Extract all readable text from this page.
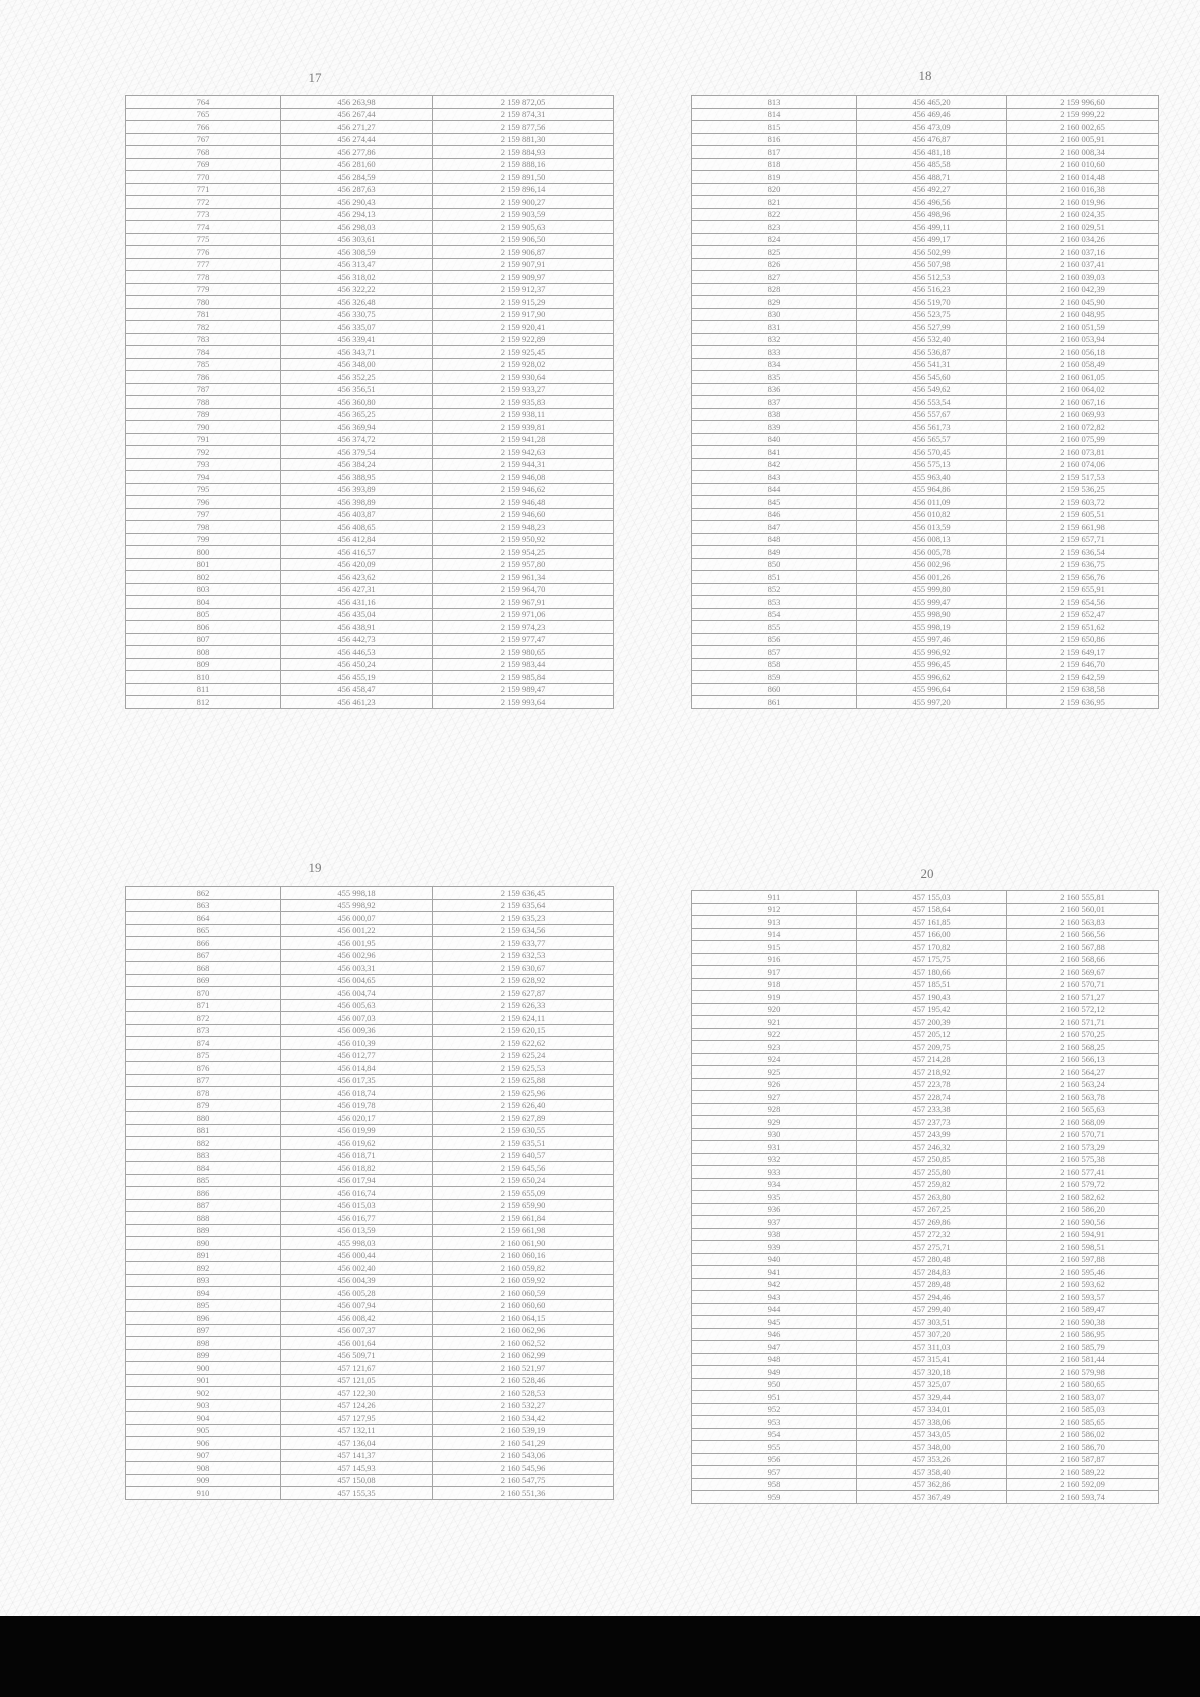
17
764	456 263,98	2 159 872,05
765	456 267,44	2 159 874,31
766	456 271,27	2 159 877,56
767	456 274,44	2 159 881,30
768	456 277,86	2 159 884,93
769	456 281,60	2 159 888,16
770	456 284,59	2 159 891,50
771	456 287,63	2 159 896,14
772	456 290,43	2 159 900,27
773	456 294,13	2 159 903,59
774	456 298,03	2 159 905,63
775	456 303,61	2 159 906,50
776	456 308,59	2 159 906,87
777	456 313,47	2 159 907,91
778	456 318,02	2 159 909,97
779	456 322,22	2 159 912,37
780	456 326,48	2 159 915,29
781	456 330,75	2 159 917,90
782	456 335,07	2 159 920,41
783	456 339,41	2 159 922,89
784	456 343,71	2 159 925,45
785	456 348,00	2 159 928,02
786	456 352,25	2 159 930,64
787	456 356,51	2 159 933,27
788	456 360,80	2 159 935,83
789	456 365,25	2 159 938,11
790	456 369,94	2 159 939,81
791	456 374,72	2 159 941,28
792	456 379,54	2 159 942,63
793	456 384,24	2 159 944,31
794	456 388,95	2 159 946,08
795	456 393,89	2 159 946,62
796	456 398,89	2 159 946,48
797	456 403,87	2 159 946,60
798	456 408,65	2 159 948,23
799	456 412,84	2 159 950,92
800	456 416,57	2 159 954,25
801	456 420,09	2 159 957,80
802	456 423,62	2 159 961,34
803	456 427,31	2 159 964,70
804	456 431,16	2 159 967,91
805	456 435,04	2 159 971,06
806	456 438,91	2 159 974,23
807	456 442,73	2 159 977,47
808	456 446,53	2 159 980,65
809	456 450,24	2 159 983,44
810	456 455,19	2 159 985,84
811	456 458,47	2 159 989,47
812	456 461,23	2 159 993,64
18
813	456 465,20	2 159 996,60
814	456 469,46	2 159 999,22
815	456 473,09	2 160 002,65
816	456 476,87	2 160 005,91
817	456 481,18	2 160 008,34
818	456 485,58	2 160 010,60
819	456 488,71	2 160 014,48
820	456 492,27	2 160 016,38
821	456 496,56	2 160 019,96
822	456 498,96	2 160 024,35
823	456 499,11	2 160 029,51
824	456 499,17	2 160 034,26
825	456 502,99	2 160 037,16
826	456 507,98	2 160 037,41
827	456 512,53	2 160 039,03
828	456 516,23	2 160 042,39
829	456 519,70	2 160 045,90
830	456 523,75	2 160 048,95
831	456 527,99	2 160 051,59
832	456 532,40	2 160 053,94
833	456 536,87	2 160 056,18
834	456 541,31	2 160 058,49
835	456 545,60	2 160 061,05
836	456 549,62	2 160 064,02
837	456 553,54	2 160 067,16
838	456 557,67	2 160 069,93
839	456 561,73	2 160 072,82
840	456 565,57	2 160 075,99
841	456 570,45	2 160 073,81
842	456 575,13	2 160 074,06
843	455 963,40	2 159 517,53
844	455 964,86	2 159 536,25
845	456 011,09	2 159 603,72
846	456 010,82	2 159 605,51
847	456 013,59	2 159 661,98
848	456 008,13	2 159 657,71
849	456 005,78	2 159 636,54
850	456 002,96	2 159 636,75
851	456 001,26	2 159 656,76
852	455 999,80	2 159 655,91
853	455 999,47	2 159 654,56
854	455 998,90	2 159 652,47
855	455 998,19	2 159 651,62
856	455 997,46	2 159 650,86
857	455 996,92	2 159 649,17
858	455 996,45	2 159 646,70
859	455 996,62	2 159 642,59
860	455 996,64	2 159 638,58
861	455 997,20	2 159 636,95
19
862	455 998,18	2 159 636,45
863	455 998,92	2 159 635,64
864	456 000,07	2 159 635,23
865	456 001,22	2 159 634,56
866	456 001,95	2 159 633,77
867	456 002,96	2 159 632,53
868	456 003,31	2 159 630,67
869	456 004,65	2 159 628,92
870	456 004,74	2 159 627,87
871	456 005,63	2 159 626,33
872	456 007,03	2 159 624,11
873	456 009,36	2 159 620,15
874	456 010,39	2 159 622,62
875	456 012,77	2 159 625,24
876	456 014,84	2 159 625,53
877	456 017,35	2 159 625,88
878	456 018,74	2 159 625,96
879	456 019,78	2 159 626,40
880	456 020,17	2 159 627,89
881	456 019,99	2 159 630,55
882	456 019,62	2 159 635,51
883	456 018,71	2 159 640,57
884	456 018,82	2 159 645,56
885	456 017,94	2 159 650,24
886	456 016,74	2 159 655,09
887	456 015,03	2 159 659,90
888	456 016,77	2 159 661,84
889	456 013,59	2 159 661,98
890	455 998,03	2 160 061,90
891	456 000,44	2 160 060,16
892	456 002,40	2 160 059,82
893	456 004,39	2 160 059,92
894	456 005,28	2 160 060,59
895	456 007,94	2 160 060,60
896	456 008,42	2 160 064,15
897	456 007,37	2 160 062,96
898	456 001,64	2 160 062,52
899	456 509,71	2 160 062,99
900	457 121,67	2 160 521,97
901	457 121,05	2 160 528,46
902	457 122,30	2 160 528,53
903	457 124,26	2 160 532,27
904	457 127,95	2 160 534,42
905	457 132,11	2 160 539,19
906	457 136,04	2 160 541,29
907	457 141,37	2 160 543,06
908	457 145,93	2 160 545,96
909	457 150,08	2 160 547,75
910	457 155,35	2 160 551,36
20
911	457 155,03	2 160 555,81
912	457 158,64	2 160 560,01
913	457 161,85	2 160 563,83
914	457 166,00	2 160 566,56
915	457 170,82	2 160 567,88
916	457 175,75	2 160 568,66
917	457 180,66	2 160 569,67
918	457 185,51	2 160 570,71
919	457 190,43	2 160 571,27
920	457 195,42	2 160 572,12
921	457 200,39	2 160 571,71
922	457 205,12	2 160 570,25
923	457 209,75	2 160 568,25
924	457 214,28	2 160 566,13
925	457 218,92	2 160 564,27
926	457 223,78	2 160 563,24
927	457 228,74	2 160 563,78
928	457 233,38	2 160 565,63
929	457 237,73	2 160 568,09
930	457 243,99	2 160 570,71
931	457 246,32	2 160 573,29
932	457 250,85	2 160 575,38
933	457 255,80	2 160 577,41
934	457 259,82	2 160 579,72
935	457 263,80	2 160 582,62
936	457 267,25	2 160 586,20
937	457 269,86	2 160 590,56
938	457 272,32	2 160 594,91
939	457 275,71	2 160 598,51
940	457 280,48	2 160 597,88
941	457 284,83	2 160 595,46
942	457 289,48	2 160 593,62
943	457 294,46	2 160 593,57
944	457 299,40	2 160 589,47
945	457 303,51	2 160 590,38
946	457 307,20	2 160 586,95
947	457 311,03	2 160 585,79
948	457 315,41	2 160 581,44
949	457 320,18	2 160 579,98
950	457 325,07	2 160 580,65
951	457 329,44	2 160 583,07
952	457 334,01	2 160 585,03
953	457 338,06	2 160 585,65
954	457 343,05	2 160 586,02
955	457 348,00	2 160 586,70
956	457 353,26	2 160 587,87
957	457 358,40	2 160 589,22
958	457 362,86	2 160 592,09
959	457 367,49	2 160 593,74
